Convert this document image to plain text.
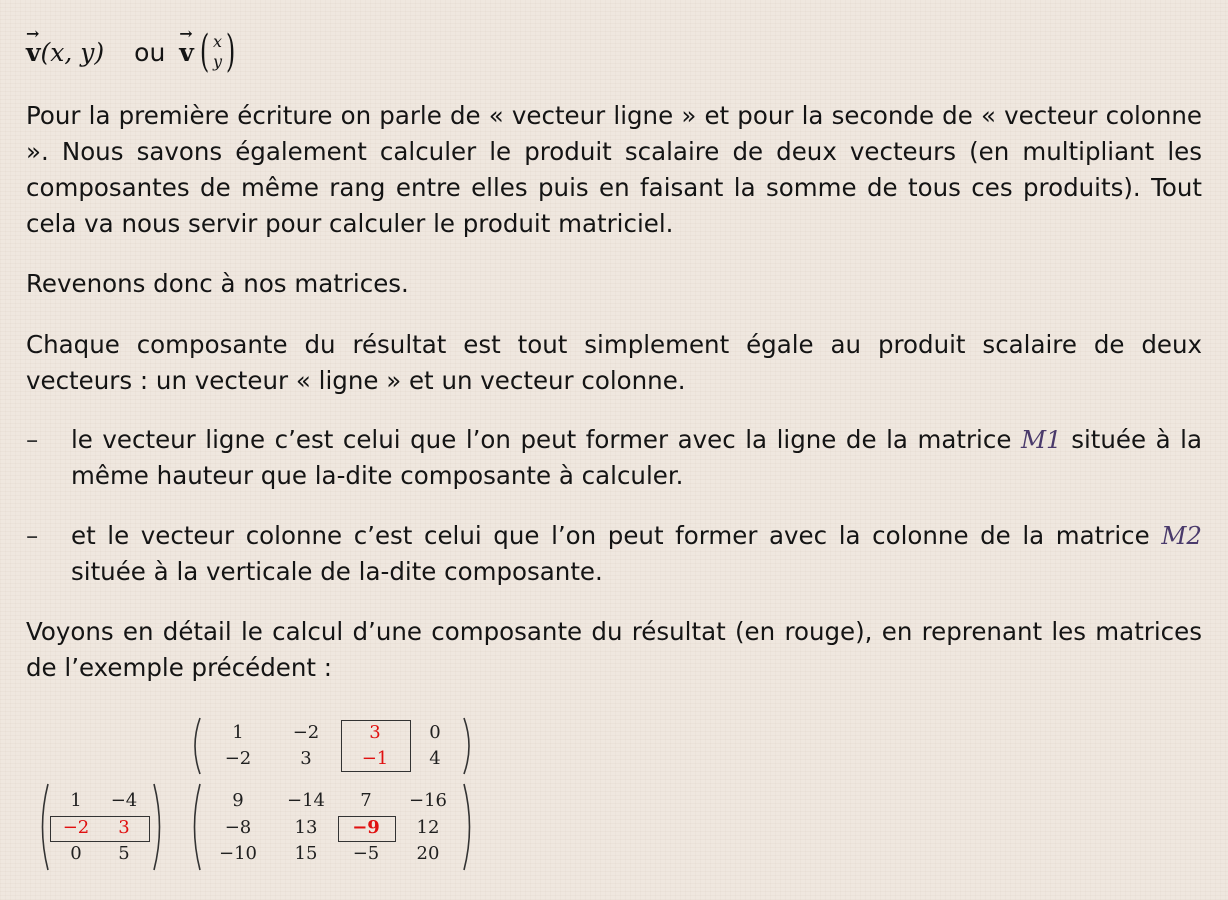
→ v (x, y) ou
→ v ( x
y )

Pour la première écriture on parle de « vecteur ligne » et pour la seconde de « vecteur colonne ». Nous savons également calculer le produit scalaire de deux vecteurs (en multipliant les composantes de même rang entre elles puis en faisant la somme de tous ces produits). Tout cela va nous servir pour calculer le produit matriciel.

Revenons donc à nos matrices.

Chaque composante du résultat est tout simplement égale au produit scalaire de deux vecteurs : un vecteur « ligne » et un vecteur colonne.

– le vecteur ligne c’est celui que l’on peut former avec la ligne de la matrice M1 située à la même hauteur que la-dite composante à calculer.

– et le vecteur colonne c’est celui que l’on peut former avec la colonne de la matrice M2 située à la verticale de la-dite composante.

Voyons en détail le calcul d’une composante du résultat (en rouge), en reprenant les matrices de l’exemple précédent :

1	−2	3	0
−2	3	−1	4
1	−4
−2	3
0	5
9	−14	7	−16
−8	13	−9	12
−10	15	−5	20
